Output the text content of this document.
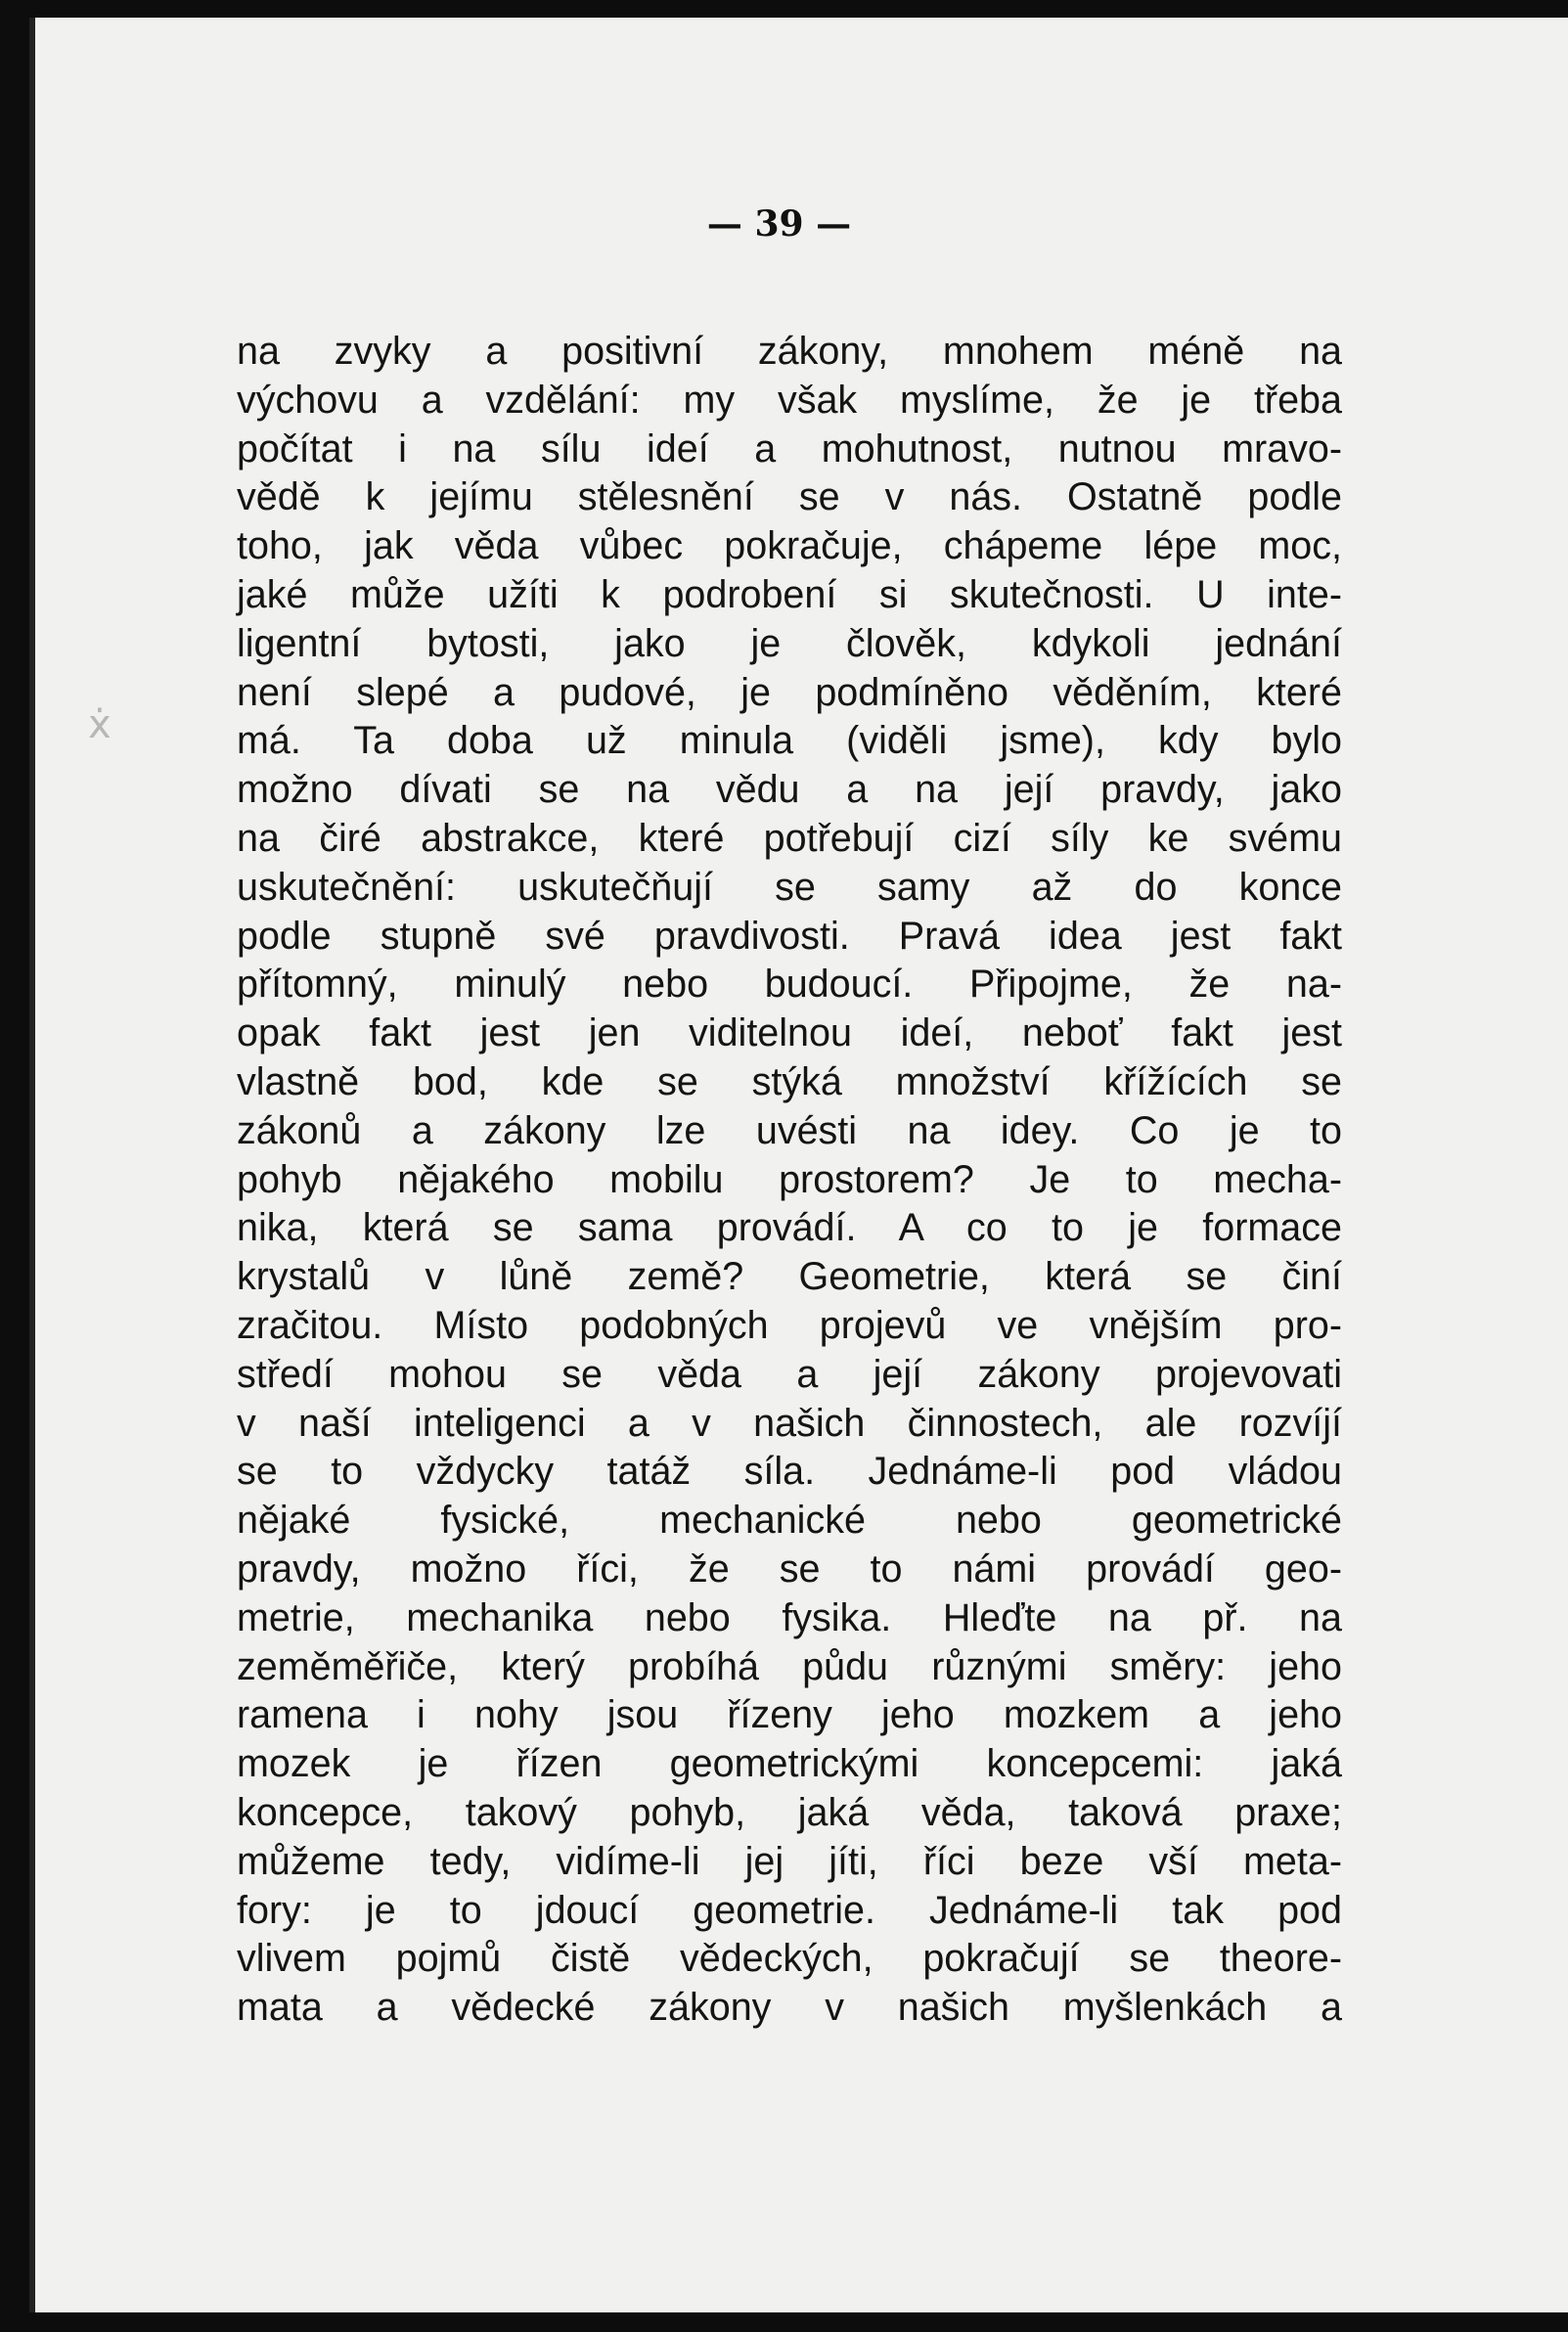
— 39 —
na zvyky a positivní zákony, mnohem méně na
výchovu a vzdělání: my však myslíme, že je třeba
počítat i na sílu ideí a mohutnost, nutnou mravo-
vědě k jejímu stělesnění se v nás. Ostatně podle
toho, jak věda vůbec pokračuje, chápeme lépe moc,
jaké může užíti k podrobení si skutečnosti. U inte-
ligentní bytosti, jako je člověk, kdykoli jednání
není slepé a pudové, je podmíněno věděním, které
má. Ta doba už minula (viděli jsme), kdy bylo
možno dívati se na vědu a na její pravdy, jako
na čiré abstrakce, které potřebují cizí síly ke svému
uskutečnění: uskutečňují se samy až do konce
podle stupně své pravdivosti. Pravá idea jest fakt
přítomný, minulý nebo budoucí. Připojme, že na-
opak fakt jest jen viditelnou ideí, neboť fakt jest
vlastně bod, kde se stýká množství křížících se
zákonů a zákony lze uvésti na idey. Co je to
pohyb nějakého mobilu prostorem? Je to mecha-
nika, která se sama provádí. A co to je formace
krystalů v lůně země? Geometrie, která se činí
zračitou. Místo podobných projevů ve vnějším pro-
středí mohou se věda a její zákony projevovati
v naší inteligenci a v našich činnostech, ale rozvíjí
se to vždycky tatáž síla. Jednáme-li pod vládou
nějaké fysické, mechanické nebo geometrické
pravdy, možno říci, že se to námi provádí geo-
metrie, mechanika nebo fysika. Hleďte na př. na
zeměměřiče, který probíhá půdu různými směry: jeho
ramena i nohy jsou řízeny jeho mozkem a jeho
mozek je řízen geometrickými koncepcemi: jaká
koncepce, takový pohyb, jaká věda, taková praxe;
můžeme tedy, vidíme-li jej jíti, říci beze vší meta-
fory: je to jdoucí geometrie. Jednáme-li tak pod
vlivem pojmů čistě vědeckých, pokračují se theore-
mata a vědecké zákony v našich myšlenkách a
ẋ
